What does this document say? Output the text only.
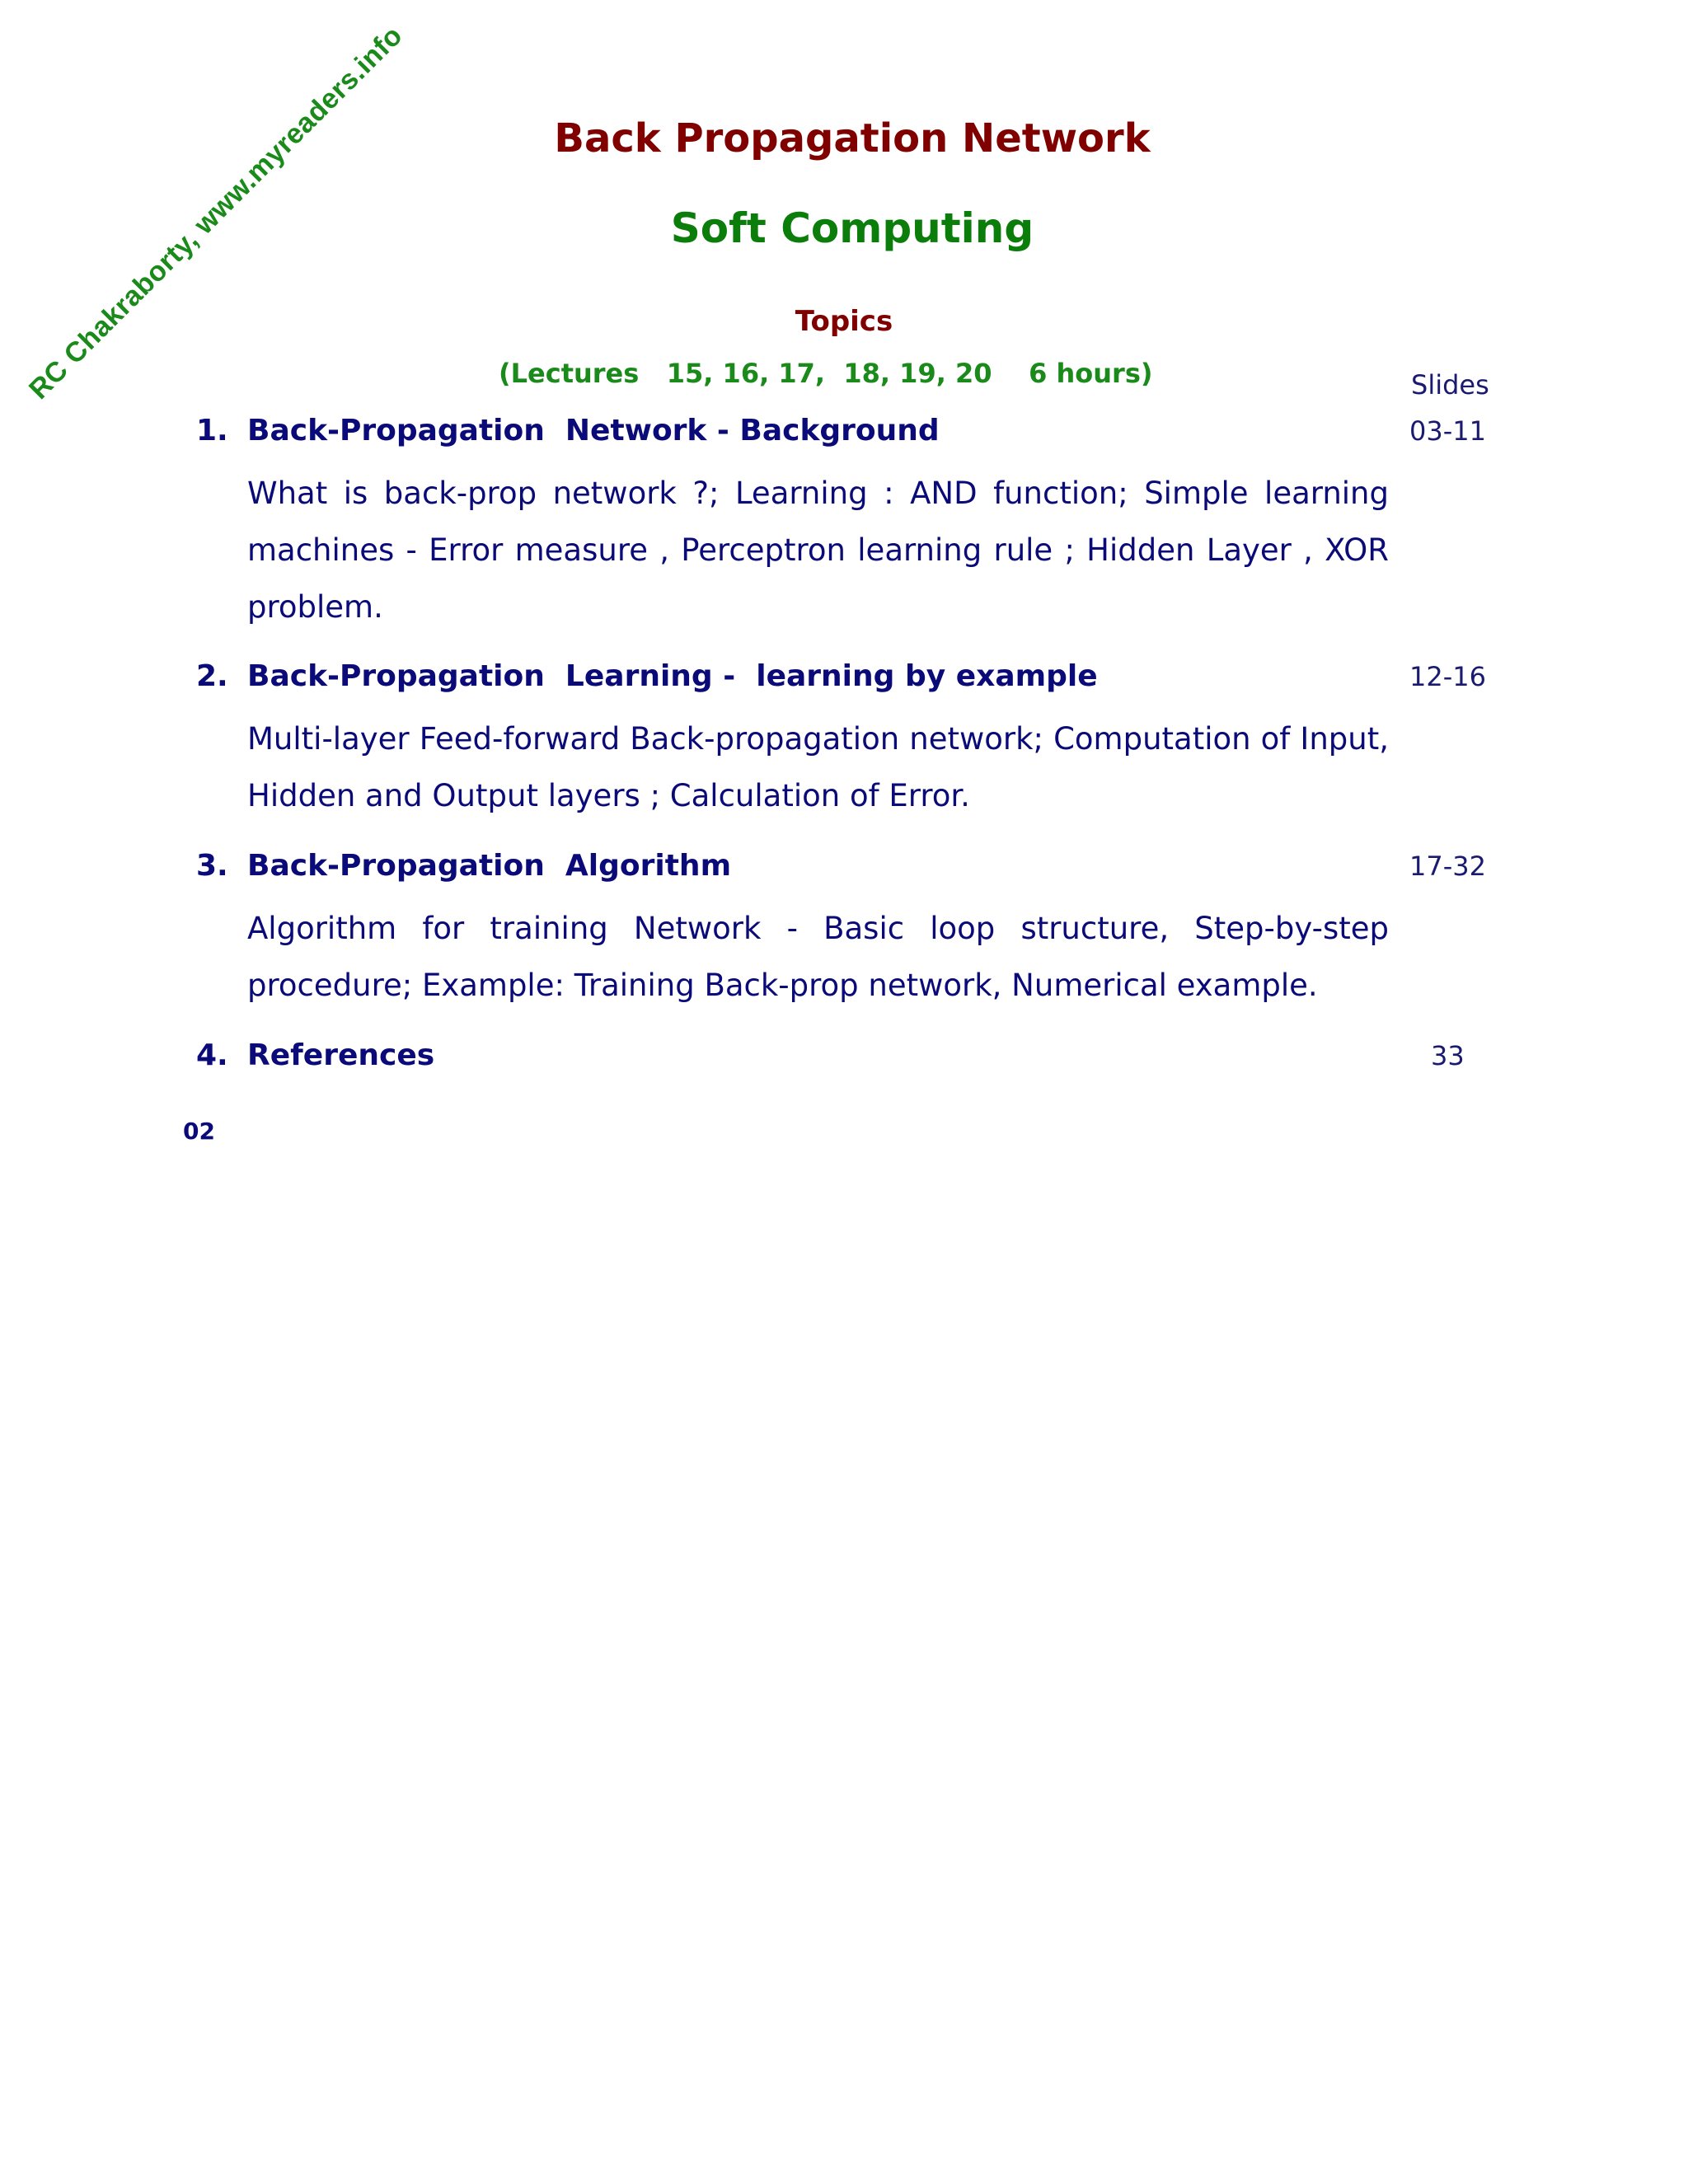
RC Chakraborty, www.myreaders.info	Back Propagation Network
Soft Computing
Topics
(Lectures   15, 16, 17,  18, 19, 20    6 hours)	Slides
1. Back-Propagation  Network - Background	03-11
What is back-prop network ?; Learning : AND function; Simple learning machines - Error measure , Perceptron learning rule ; Hidden Layer , XOR problem.
2. Back-Propagation  Learning -  learning by example	12-16
Multi-layer Feed-forward Back-propagation network; Computation of Input, Hidden and Output layers ; Calculation of Error.
3. Back-Propagation  Algorithm	17-32
Algorithm for training Network - Basic loop structure, Step-by-step procedure; Example: Training Back-prop network, Numerical example.
4. References	33
02
